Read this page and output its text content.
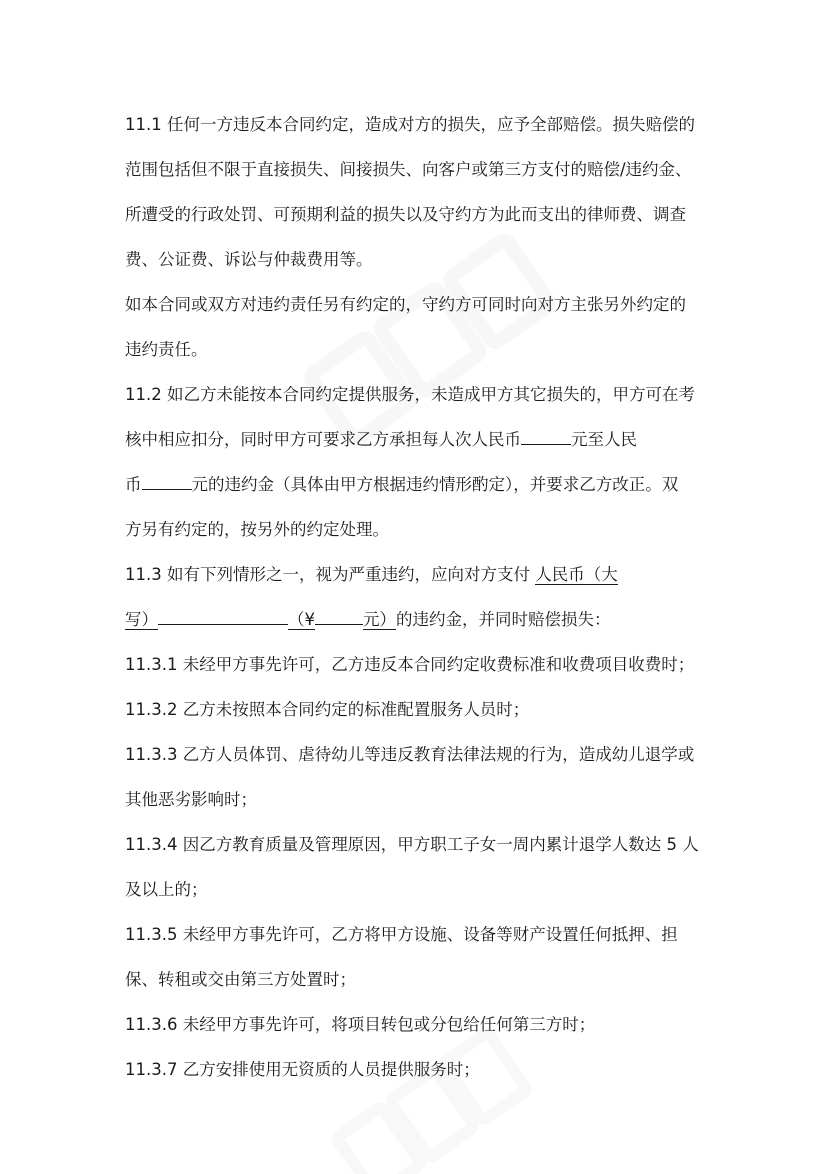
11.1 任何一方违反本合同约定，造成对方的损失，应予全部赔偿。损失赔偿的
范围包括但不限于直接损失、间接损失、向客户或第三方支付的赔偿/违约金、
所遭受的行政处罚、可预期利益的损失以及守约方为此而支出的律师费、调查
费、公证费、诉讼与仲裁费用等。
如本合同或双方对违约责任另有约定的，守约方可同时向对方主张另外约定的
违约责任。
11.2 如乙方未能按本合同约定提供服务，未造成甲方其它损失的，甲方可在考
核中相应扣分，同时甲方可要求乙方承担每人次人民币	元至人民
币	元的违约金（具体由甲方根据违约情形酌定），并要求乙方改正。双
方另有约定的，按另外的约定处理。
11.3 如有下列情形之一，视为严重违约，应向对方支付 人民币（大
写）	（¥	元）的违约金，并同时赔偿损失：
11.3.1 未经甲方事先许可，乙方违反本合同约定收费标准和收费项目收费时；
11.3.2 乙方未按照本合同约定的标准配置服务人员时；
11.3.3 乙方人员体罚、虐待幼儿等违反教育法律法规的行为，造成幼儿退学或
其他恶劣影响时；
11.3.4 因乙方教育质量及管理原因，甲方职工子女一周内累计退学人数达 5 人
及以上的；
11.3.5 未经甲方事先许可，乙方将甲方设施、设备等财产设置任何抵押、担
保、转租或交由第三方处置时；
11.3.6 未经甲方事先许可，将项目转包或分包给任何第三方时；
11.3.7 乙方安排使用无资质的人员提供服务时；
